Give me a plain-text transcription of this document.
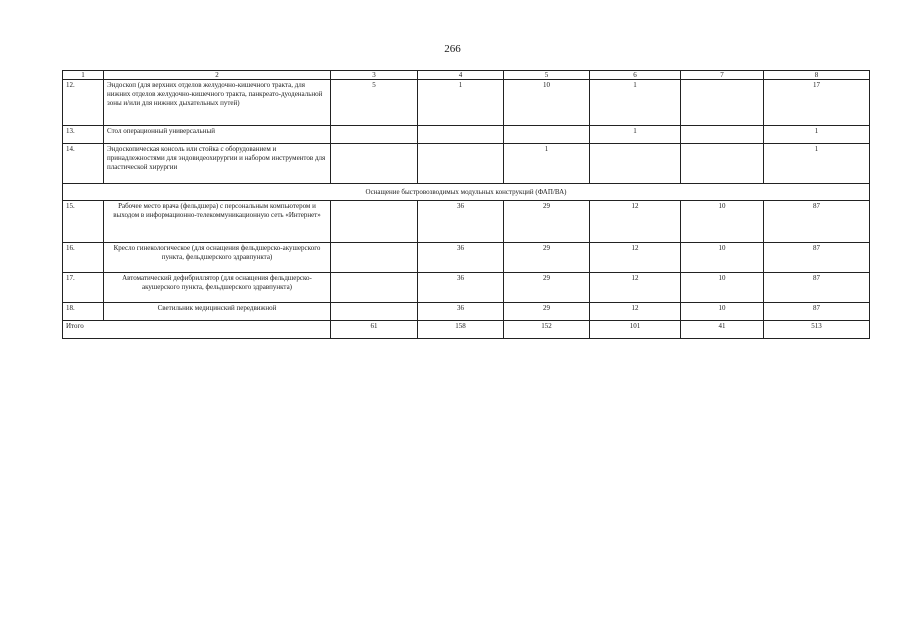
266
1	2	3	4	5	6	7	8
12.	Эндоскоп (для верхних отделов желудочно-кишечного тракта, для нижних отделов желудочно-кишечного тракта, панкреато-дуоденальной зоны и/или для нижних дыхательных путей)	5	1	10	1		17
13.	Стол операционный универсальный				1		1
14.	Эндоскопическая консоль или стойка с оборудованием и принадлежностями для эндовидеохирургии и набором инструментов для пластической хирургии			1			1
Оснащение быстровозводимых модульных конструкций (ФАП/ВА)							
15.	Рабочее место врача (фельдшера) с персональным компьютером и выходом в информационно-телекоммуникационную сеть «Интернет»		36	29	12	10	87
16.	Кресло гинекологическое (для оснащения фельдшерско-акушерского пункта, фельдшерского здравпункта)		36	29	12	10	87
17.	Автоматический дефибриллятор (для оснащения фельдшерско-акушерского пункта, фельдшерского здравпункта)		36	29	12	10	87
18.	Светильник медицинский передвижной		36	29	12	10	87
Итого		61	158	152	101	41	513
